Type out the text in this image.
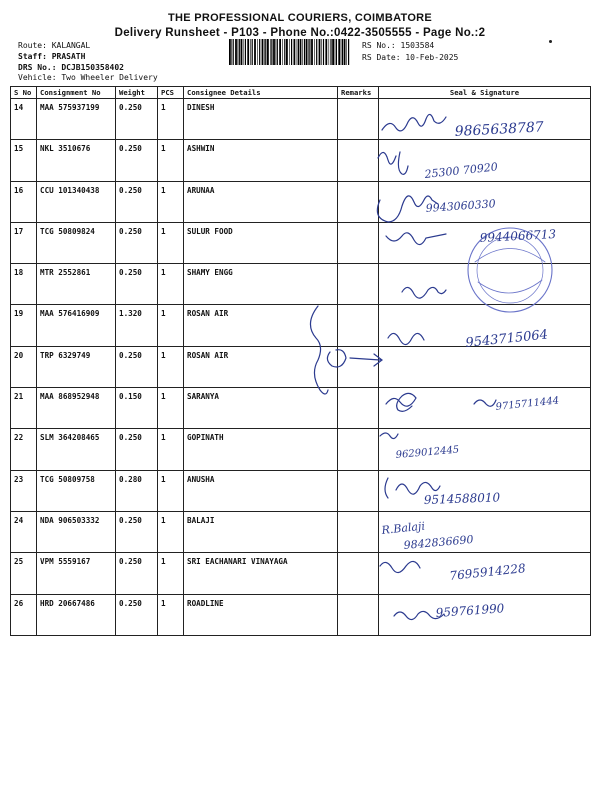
THE PROFESSIONAL COURIERS, COIMBATORE
Delivery Runsheet - P103 - Phone No.:0422-3505555 - Page No.:2
Route: KALANGAL
Staff: PRASATH
DRS No.: DCJB150358402
Vehicle: Two Wheeler Delivery
RS No.: 1503584
RS Date: 10-Feb-2025
S No	Consignment No	Weight	PCS	Consignee Details	Remarks	Seal & Signature
14	MAA 575937199	0.250	1	DINESH		
15	NKL 3510676	0.250	1	ASHWIN		
16	CCU 101340438	0.250	1	ARUNAA		
17	TCG 50809824	0.250	1	SULUR FOOD		
18	MTR 2552861	0.250	1	SHAMY ENGG		
19	MAA 576416909	1.320	1	ROSAN AIR		
20	TRP 6329749	0.250	1	ROSAN AIR		
21	MAA 868952948	0.150	1	SARANYA		
22	SLM 364208465	0.250	1	GOPINATH		
23	TCG 50809758	0.280	1	ANUSHA		
24	NDA 906503332	0.250	1	BALAJI		
25	VPM 5559167	0.250	1	SRI EACHANARI VINAYAGA		
26	HRD 20667486	0.250	1	ROADLINE		
9865638787
25300 70920
9943060330
9944066713
9543715064
9715711444
9629012445
9514588010
R.Balaji
9842836690
7695914228
959761990
